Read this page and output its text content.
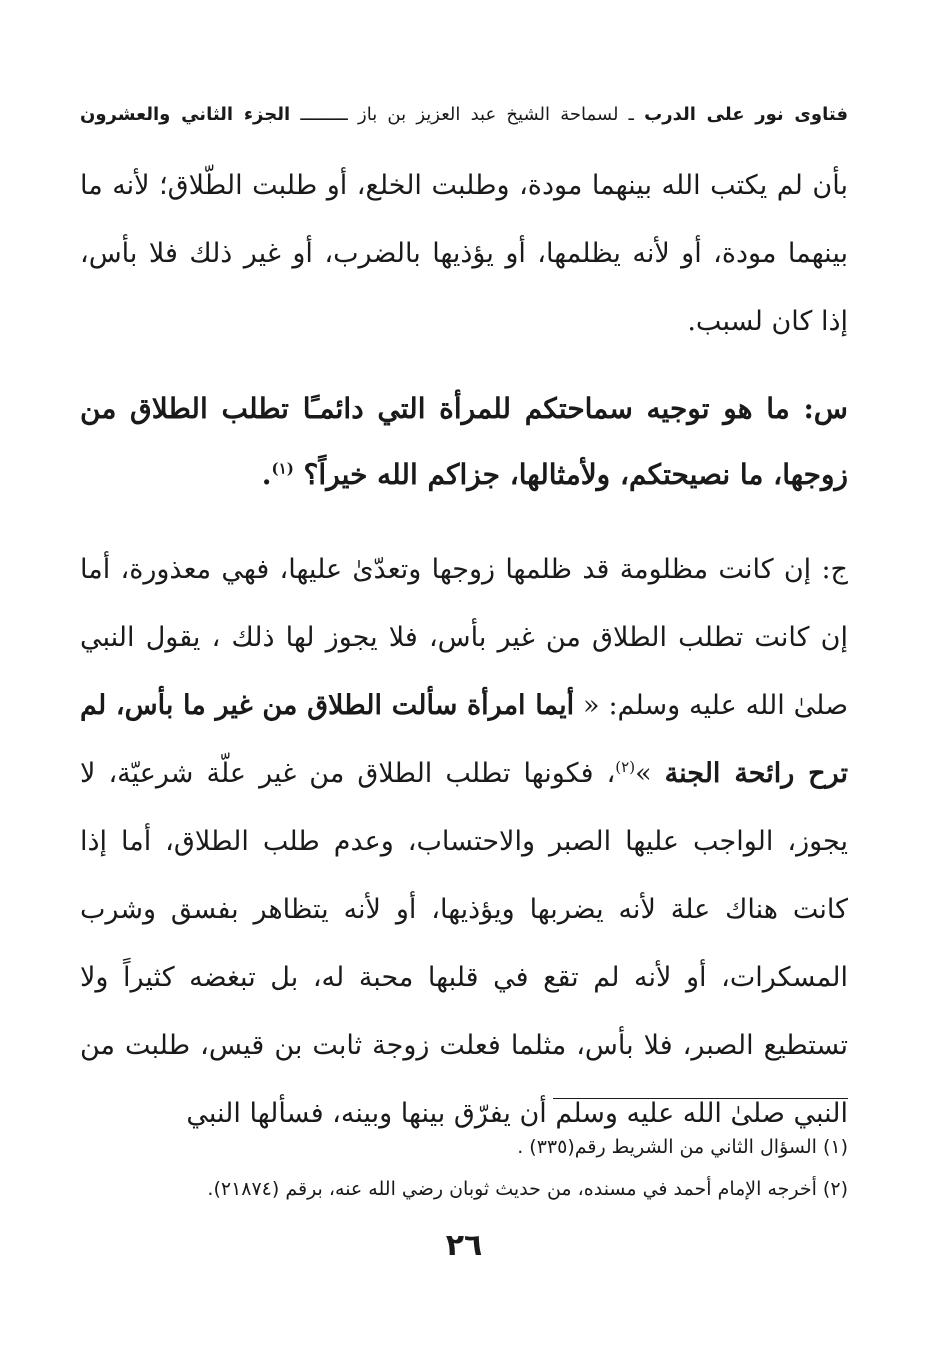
فتاوى نور على الدرب ـ لسماحة الشيخ عبد العزيز بن باز ـــــــــ الجزء الثاني والعشرون

بأن لم يكتب الله بينهما مودة، وطلبت الخلع، أو طلبت الطّلاق؛ لأنه ما بينهما مودة، أو لأنه يظلمها، أو يؤذيها بالضرب، أو غير ذلك فلا بأس، إذا كان لسبب.

س: ما هو توجيه سماحتكم للمرأة التي دائمـًا تطلب الطلاق من زوجها، ما نصيحتكم، ولأمثالها، جزاكم الله خيراً؟ $^{(١)}$.

ج: إن كانت مظلومة قد ظلمها زوجها وتعدّىٰ عليها، فهي معذورة، أما إن كانت تطلب الطلاق من غير بأس، فلا يجوز لها ذلك ، يقول النبي صلىٰ الله عليه وسلم: « أيما امرأة سألت الطلاق من غير ما بأس، لم ترح رائحة الجنة »$^{(٢)}$، فكونها تطلب الطلاق من غير علّة شرعيّة، لا يجوز، الواجب عليها الصبر والاحتساب، وعدم طلب الطلاق، أما إذا كانت هناك علة لأنه يضربها ويؤذيها، أو لأنه يتظاهر بفسق وشرب المسكرات، أو لأنه لم تقع في قلبها محبة له، بل تبغضه كثيراً ولا تستطيع الصبر، فلا بأس، مثلما فعلت زوجة ثابت بن قيس، طلبت من النبي صلىٰ الله عليه وسلم أن يفرّق بينها وبينه، فسألها النبي

(١) السؤال الثاني من الشريط رقم(٣٣٥) .

(٢) أخرجه الإمام أحمد في مسنده، من حديث ثوبان رضي الله عنه، برقم (٢١٨٧٤).

٢٦
